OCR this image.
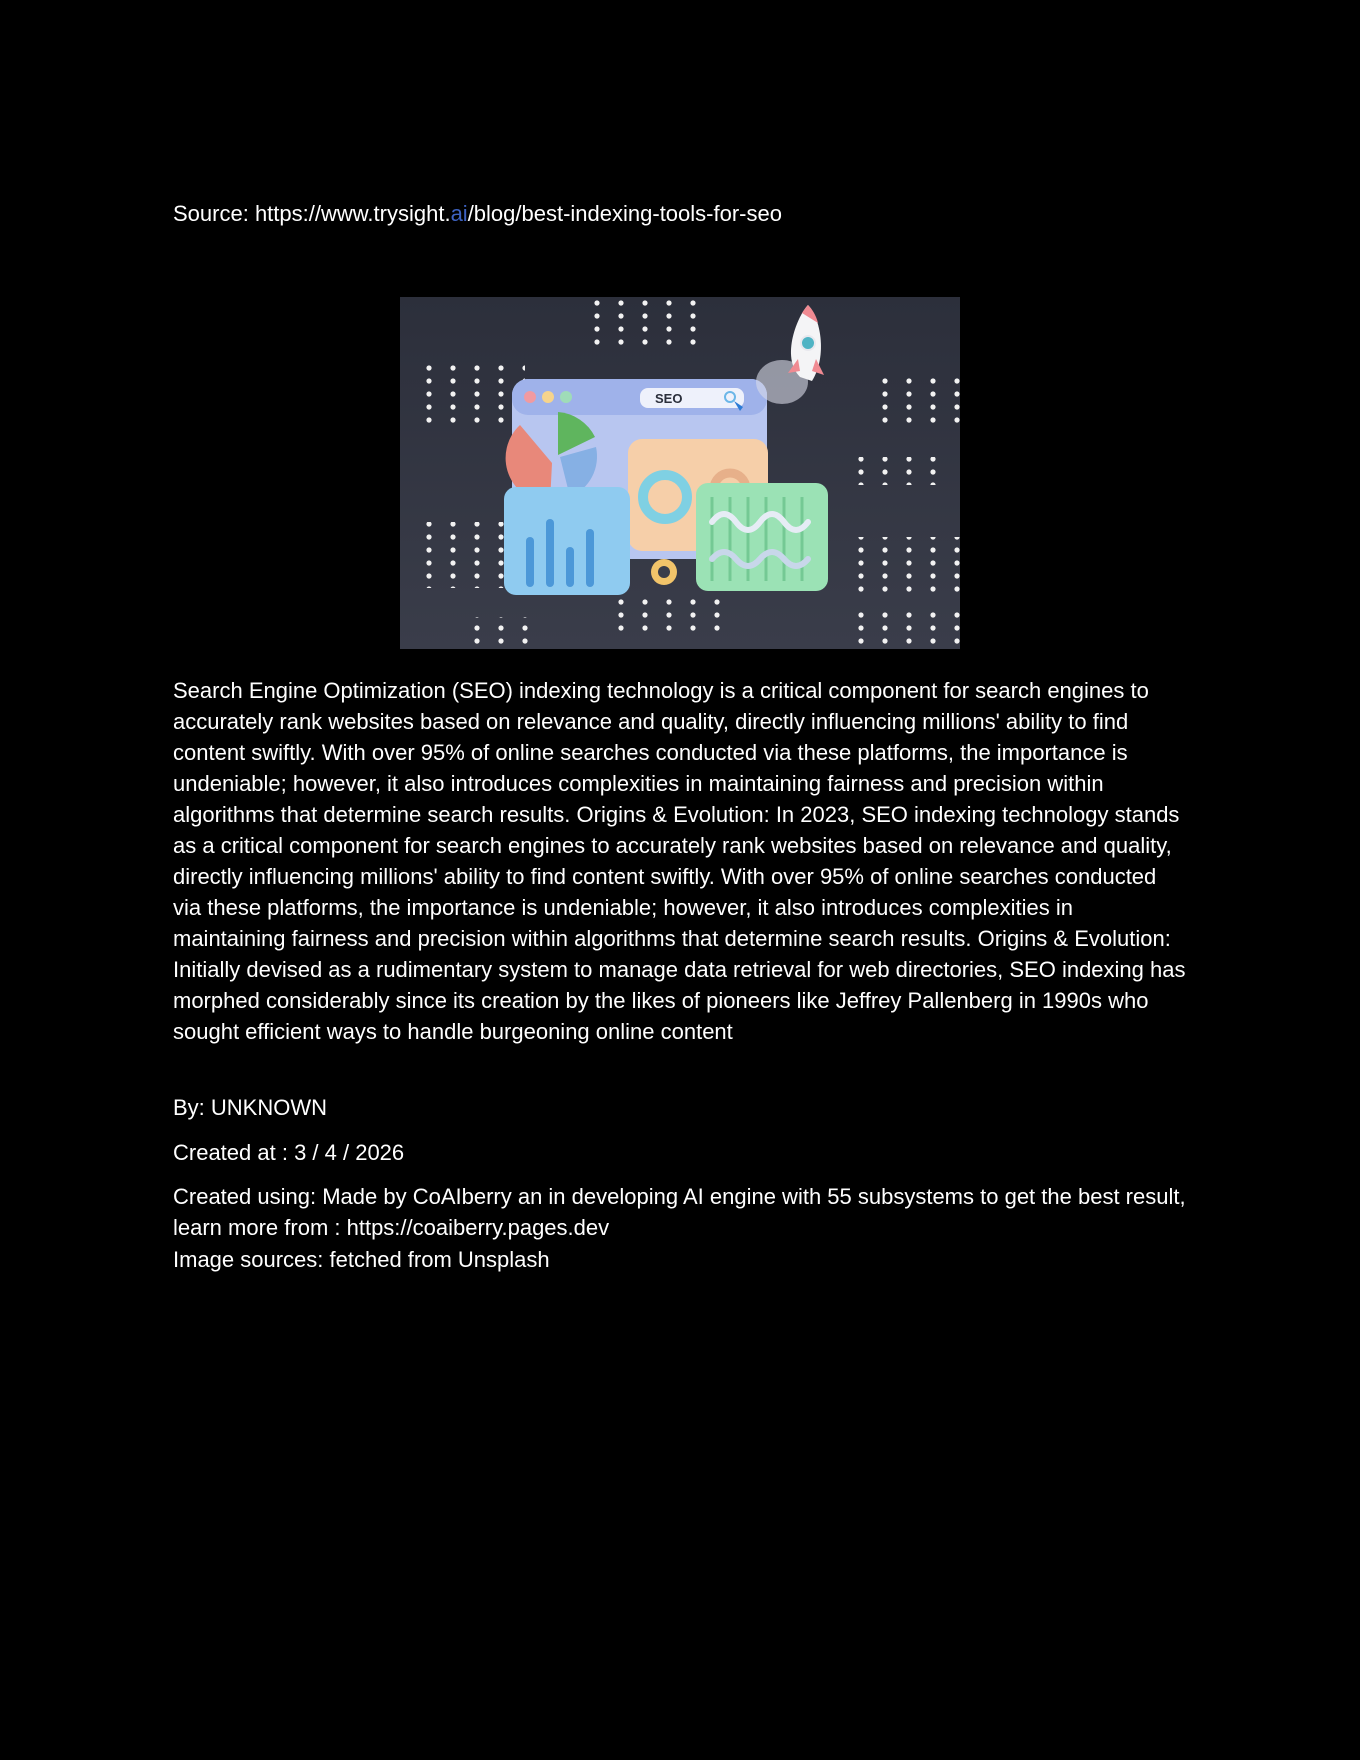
Source: https://www.trysight.ai/blog/best-indexing-tools-for-seo
SEO

Search Engine Optimization (SEO) indexing technology is a critical component for search engines to accurately rank websites based on relevance and quality, directly influencing millions' ability to find content swiftly. With over 95% of online searches conducted via these platforms, the importance is undeniable; however, it also introduces complexities in maintaining fairness and precision within algorithms that determine search results. Origins & Evolution: In 2023, SEO indexing technology stands as a critical component for search engines to accurately rank websites based on relevance and quality, directly influencing millions' ability to find content swiftly. With over 95% of online searches conducted via these platforms, the importance is undeniable; however, it also introduces complexities in maintaining fairness and precision within algorithms that determine search results. Origins & Evolution: Initially devised as a rudimentary system to manage data retrieval for web directories, SEO indexing has morphed considerably since its creation by the likes of pioneers like Jeffrey Pallenberg in 1990s who sought efficient ways to handle burgeoning online content

By: UNKNOWN

Created at : 3 / 4 / 2026

Created using: Made by CoAIberry an in developing AI engine with 55 subsystems to get the best result, learn more from : https://coaiberry.pages.dev

Image sources: fetched from Unsplash
